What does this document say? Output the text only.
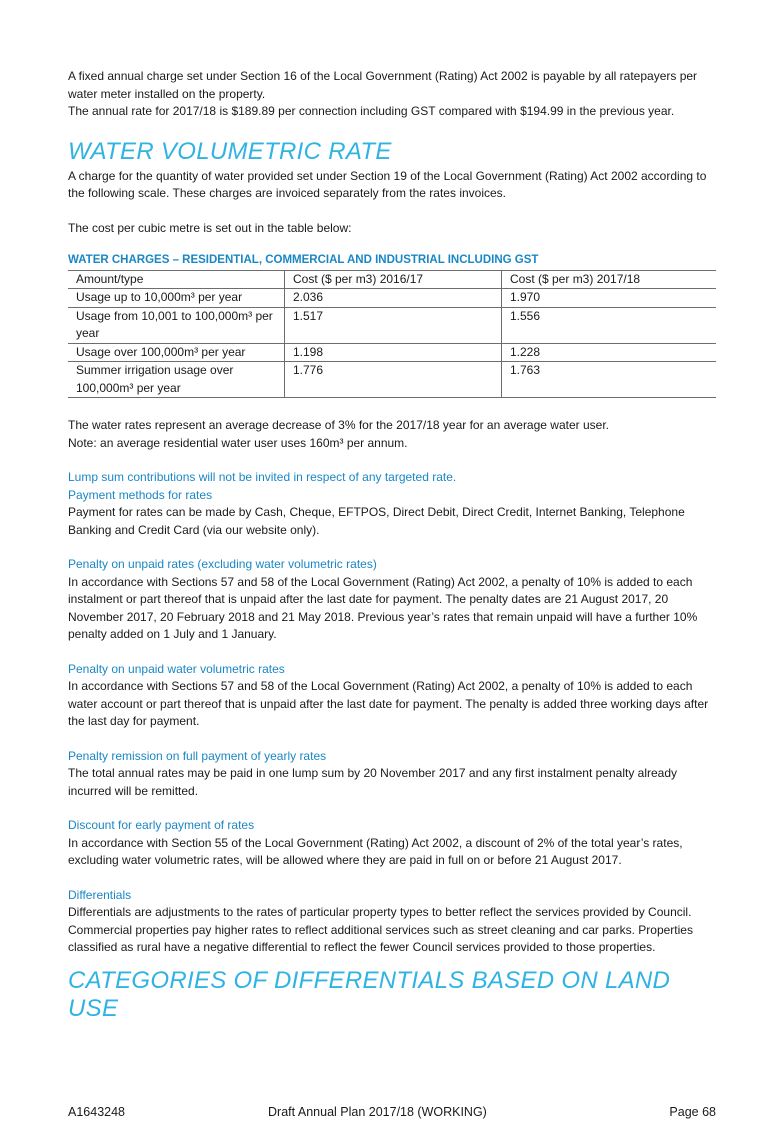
A fixed annual charge set under Section 16 of the Local Government (Rating) Act 2002 is payable by all ratepayers per water meter installed on the property.

The annual rate for 2017/18 is $189.89 per connection including GST compared with $194.99 in the previous year.

WATER VOLUMETRIC RATE

A charge for the quantity of water provided set under Section 19 of the Local Government (Rating) Act 2002 according to the following scale. These charges are invoiced separately from the rates invoices.

The cost per cubic metre is set out in the table below:

WATER CHARGES – RESIDENTIAL, COMMERCIAL AND INDUSTRIAL INCLUDING GST
Amount/type	Cost ($ per m3) 2016/17	Cost ($ per m3) 2017/18
Usage up to 10,000m³ per year	2.036	1.970
Usage from 10,001 to 100,000m³ per year	1.517	1.556
Usage over 100,000m³ per year	1.198	1.228
Summer irrigation usage over 100,000m³ per year	1.776	1.763

The water rates represent an average decrease of 3% for the 2017/18 year for an average water user.

Note: an average residential water user uses 160m³ per annum.

Lump sum contributions will not be invited in respect of any targeted rate.

Payment methods for rates

Payment for rates can be made by Cash, Cheque, EFTPOS, Direct Debit, Direct Credit, Internet Banking, Telephone Banking and Credit Card (via our website only).

Penalty on unpaid rates (excluding water volumetric rates)

In accordance with Sections 57 and 58 of the Local Government (Rating) Act 2002, a penalty of 10% is added to each instalment or part thereof that is unpaid after the last date for payment. The penalty dates are 21 August 2017, 20 November 2017, 20 February 2018 and 21 May 2018. Previous year’s rates that remain unpaid will have a further 10% penalty added on 1 July and 1 January.

Penalty on unpaid water volumetric rates

In accordance with Sections 57 and 58 of the Local Government (Rating) Act 2002, a penalty of 10% is added to each water account or part thereof that is unpaid after the last date for payment. The penalty is added three working days after the last day for payment.

Penalty remission on full payment of yearly rates

The total annual rates may be paid in one lump sum by 20 November 2017 and any first instalment penalty already incurred will be remitted.

Discount for early payment of rates

In accordance with Section 55 of the Local Government (Rating) Act 2002, a discount of 2% of the total year’s rates, excluding water volumetric rates, will be allowed where they are paid in full on or before 21 August 2017.

Differentials

Differentials are adjustments to the rates of particular property types to better reflect the services provided by Council. Commercial properties pay higher rates to reflect additional services such as street cleaning and car parks. Properties classified as rural have a negative differential to reflect the fewer Council services provided to those properties.

CATEGORIES OF DIFFERENTIALS BASED ON LAND USE
A1643248	Draft Annual Plan 2017/18 (WORKING)	Page 68
